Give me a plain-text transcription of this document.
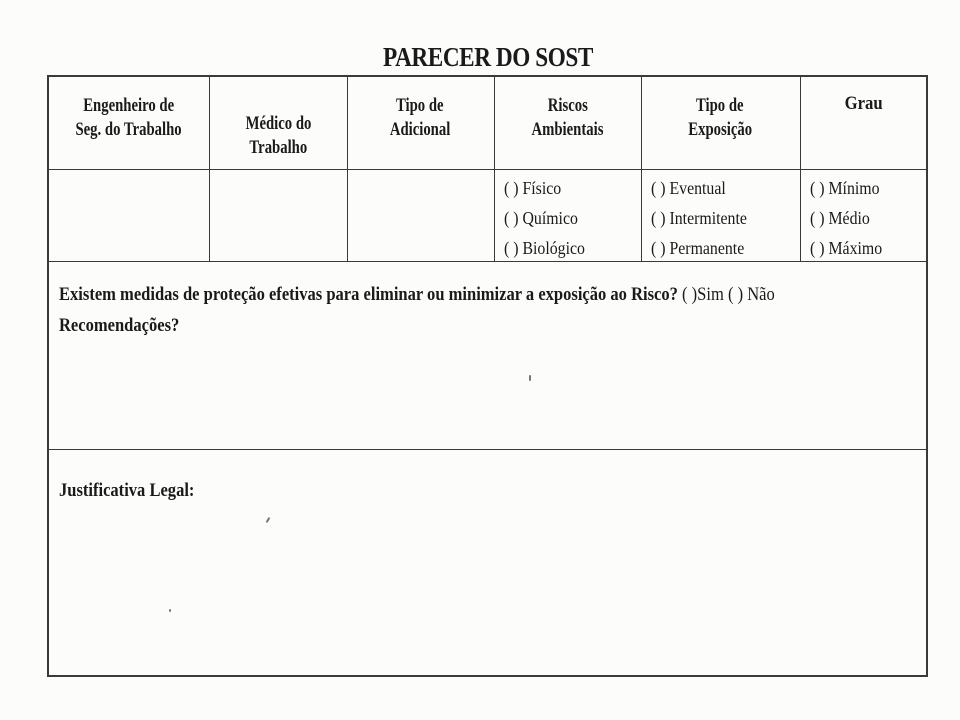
PARECER DO SOST
Engenheiro de
Seg. do Trabalho	Médico do
Trabalho
Tipo de
Adicional
Riscos
Ambientais
Tipo de
Exposição
Grau
( ) Físico
( ) Químico
( ) Biológico
( ) Eventual
( ) Intermitente
( ) Permanente
( ) Mínimo
( ) Médio
( ) Máximo
Existem medidas de proteção efetivas para eliminar ou minimizar a exposição ao Risco? ( )Sim ( ) Não
Recomendações?
Justificativa Legal:
